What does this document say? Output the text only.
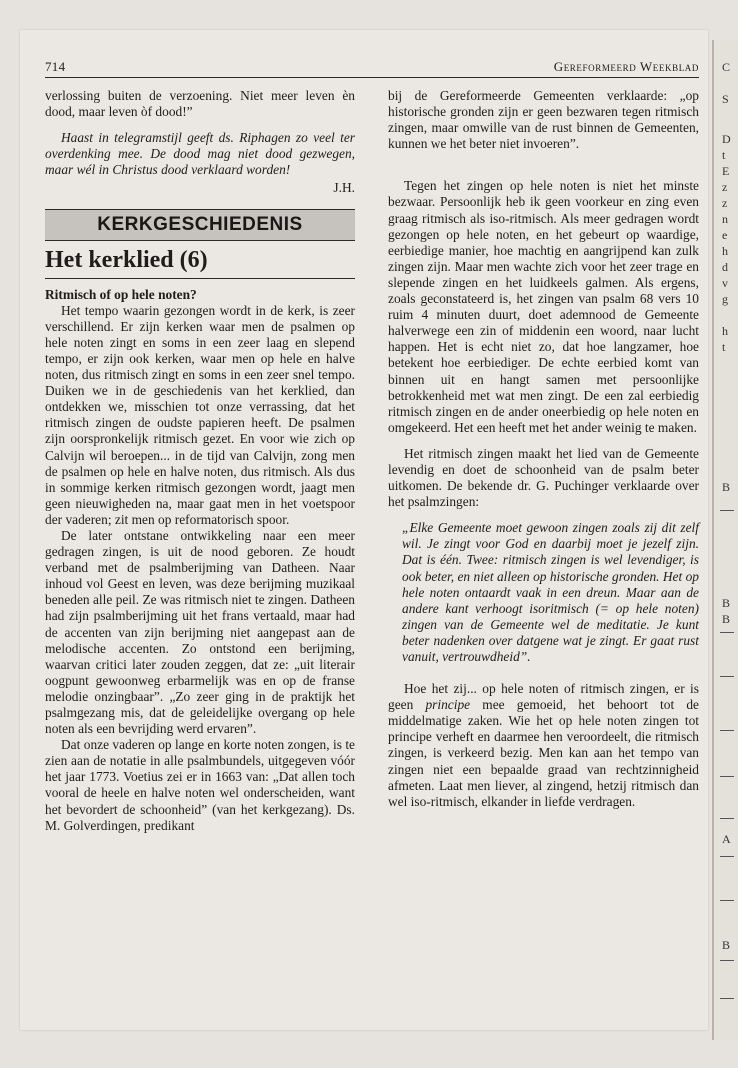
C
S
D
t
E
z
z
n
e
h
d
v
g
h
t
B
B
B
A
B
714	Gereformeerd Weekblad

verlossing buiten de verzoening. Niet meer leven èn dood, maar leven òf dood!”

Haast in telegramstijl geeft ds. Riphagen zo veel ter overdenking mee. De dood mag niet dood gezwegen, maar wél in Christus dood verklaard worden!

J.H.

KERKGESCHIEDENIS
Het kerklied (6)

Ritmisch of op hele noten?

Het tempo waarin gezongen wordt in de kerk, is zeer verschillend. Er zijn kerken waar men de psalmen op hele noten zingt en soms in een zeer laag en slepend tempo, er zijn ook kerken, waar men op hele en halve noten, dus ritmisch zingt en soms in een zeer snel tempo. Duiken we in de geschiedenis van het kerklied, dan ontdekken we, misschien tot onze verrassing, dat het ritmisch zingen de oudste papieren heeft. De psalmen zijn oorspronkelijk ritmisch gezet. En voor wie zich op Calvijn wil beroepen... in de tijd van Calvijn, zong men de psalmen op hele en halve noten, dus ritmisch. Als dus in sommige kerken ritmisch gezongen wordt, jaagt men geen nieuwigheden na, maar gaat men in het voetspoor der vaderen; zit men op reformatorisch spoor.

De later ontstane ontwikkeling naar een meer gedragen zingen, is uit de nood geboren. Ze houdt verband met de psalmberijming van Datheen. Naar inhoud vol Geest en leven, was deze berijming muzikaal beneden alle peil. Ze was ritmisch niet te zingen. Datheen had zijn psalmberijming uit het frans vertaald, maar had de accenten van zijn berijming niet aangepast aan de melodische accenten. Zo ontstond een berijming, waarvan critici later zouden zeggen, dat ze: „uit literair oogpunt gewoonweg erbarmelijk was en op de franse melodie onzingbaar”. „Zo zeer ging in de praktijk het psalmgezang mis, dat de geleidelijke overgang op hele noten als een bevrijding werd ervaren”.

Dat onze vaderen op lange en korte noten zongen, is te zien aan de notatie in alle psalmbundels, uitgegeven vóór het jaar 1773. Voetius zei er in 1663 van: „Dat allen toch vooral de heele en halve noten wel onderscheiden, want het bevordert de schoonheid” (van het kerkgezang). Ds. M. Golverdingen, predikant

bij de Gereformeerde Gemeenten verklaarde: „op historische gronden zijn er geen bezwaren tegen ritmisch zingen, maar omwille van de rust binnen de Gemeenten, kunnen we het beter niet invoeren”.

Tegen het zingen op hele noten is niet het minste bezwaar. Persoonlijk heb ik geen voorkeur en zing even graag ritmisch als iso-ritmisch. Als meer gedragen wordt gezongen op hele noten, en het gebeurt op waardige, eerbiedige manier, hoe machtig en aangrijpend kan zulk zingen zijn. Maar men wachte zich voor het zeer trage en slepende zingen en het luidkeels galmen. Als ergens, zoals geconstateerd is, het zingen van psalm 68 vers 10 ruim 4 minuten duurt, doet ademnood de Gemeente halverwege een zin of middenin een woord, naar lucht happen. Het is echt niet zo, dat hoe langzamer, hoe betekent hoe eerbiediger. De echte eerbied komt van binnen uit en hangt samen met persoonlijke betrokkenheid met wat men zingt. De een zal eerbiedig ritmisch zingen en de ander oneerbiedig op hele noten en omgekeerd. Het een heeft met het ander weinig te maken.

Het ritmisch zingen maakt het lied van de Gemeente levendig en doet de schoonheid van de psalm beter uitkomen. De bekende dr. G. Puchinger verklaarde over het psalmzingen:

„Elke Gemeente moet gewoon zingen zoals zij dit zelf wil. Je zingt voor God en daarbij moet je jezelf zijn. Dat is één. Twee: ritmisch zingen is wel levendiger, is ook beter, en niet alleen op historische gronden. Het op hele noten ontaardt vaak in een dreun. Maar aan de andere kant verhoogt isoritmisch (= op hele noten) zingen van de Gemeente wel de meditatie. Je kunt beter nadenken over datgene wat je zingt. Er gaat rust vanuit, vertrouwdheid”.

Hoe het zij... op hele noten of ritmisch zingen, er is geen principe mee gemoeid, het behoort tot de middelmatige zaken. Wie het op hele noten zingen tot principe verheft en daarmee hen veroordeelt, die ritmisch zingen, is verkeerd bezig. Men kan aan het tempo van zingen niet een bepaalde graad van rechtzinnigheid afmeten. Laat men liever, al zingend, hetzij ritmisch dan wel iso-ritmisch, elkander in liefde verdragen.
